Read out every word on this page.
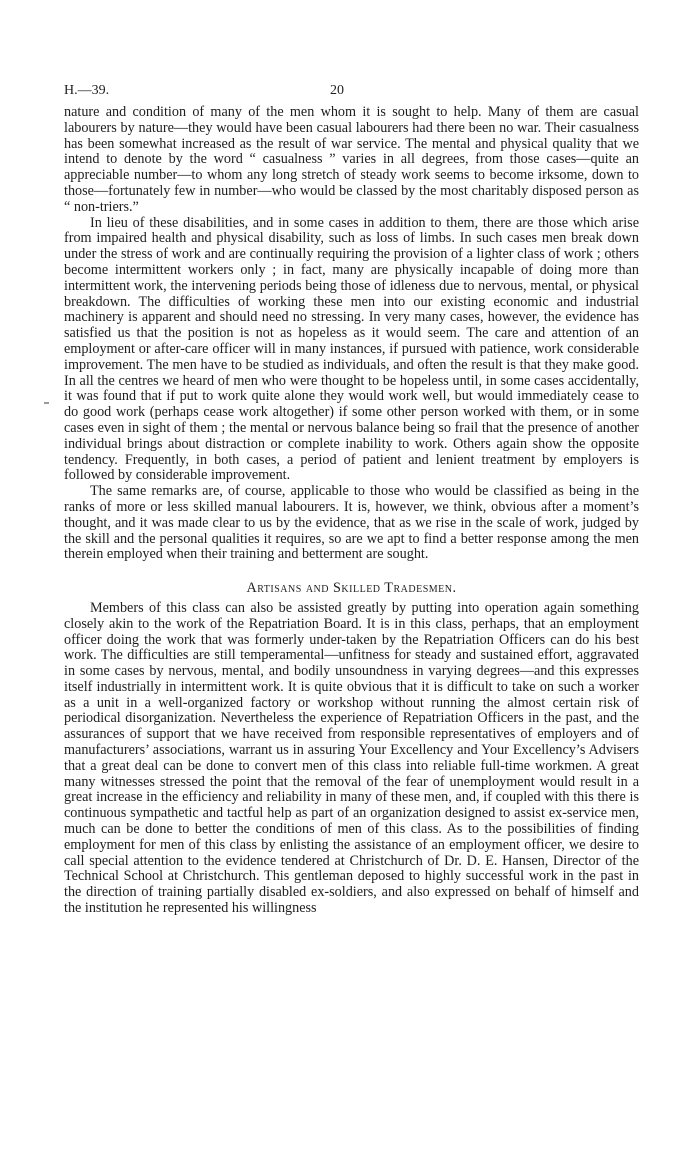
H.—39.	20

nature and condition of many of the men whom it is sought to help. Many of them are casual labourers by nature—they would have been casual labourers had there been no war. Their casualness has been somewhat increased as the result of war service. The mental and physical quality that we intend to denote by the word “ casualness ” varies in all degrees, from those cases—quite an appreciable number—to whom any long stretch of steady work seems to become irksome, down to those—fortunately few in number—who would be classed by the most charitably disposed person as “ non-triers.”

In lieu of these disabilities, and in some cases in addition to them, there are those which arise from impaired health and physical disability, such as loss of limbs. In such cases men break down under the stress of work and are continually requiring the provision of a lighter class of work ; others become intermittent workers only ; in fact, many are physically incapable of doing more than intermittent work, the intervening periods being those of idleness due to nervous, mental, or physical breakdown. The difficulties of working these men into our existing economic and industrial machinery is apparent and should need no stressing. In very many cases, however, the evidence has satisfied us that the position is not as hopeless as it would seem. The care and attention of an employment or after-care officer will in many instances, if pursued with patience, work considerable improvement. The men have to be studied as individuals, and often the result is that they make good. In all the centres we heard of men who were thought to be hopeless until, in some cases accidentally, it was found that if put to work quite alone they would work well, but would immediately cease to do good work (perhaps cease work altogether) if some other person worked with them, or in some cases even in sight of them ; the mental or nervous balance being so frail that the presence of another individual brings about distraction or complete inability to work. Others again show the opposite tendency. Frequently, in both cases, a period of patient and lenient treatment by employers is followed by considerable improvement.

The same remarks are, of course, applicable to those who would be classified as being in the ranks of more or less skilled manual labourers. It is, however, we think, obvious after a moment’s thought, and it was made clear to us by the evidence, that as we rise in the scale of work, judged by the skill and the personal qualities it requires, so are we apt to find a better response among the men therein employed when their training and betterment are sought.

Artisans and Skilled Tradesmen.

Members of this class can also be assisted greatly by putting into operation again something closely akin to the work of the Repatriation Board. It is in this class, perhaps, that an employment officer doing the work that was formerly under-taken by the Repatriation Officers can do his best work. The difficulties are still temperamental—unfitness for steady and sustained effort, aggravated in some cases by nervous, mental, and bodily unsoundness in varying degrees—and this expresses itself industrially in intermittent work. It is quite obvious that it is difficult to take on such a worker as a unit in a well-organized factory or workshop without running the almost certain risk of periodical disorganization. Nevertheless the experience of Repatriation Officers in the past, and the assurances of support that we have received from responsible representatives of employers and of manufacturers’ associations, warrant us in assuring Your Excellency and Your Excellency’s Advisers that a great deal can be done to convert men of this class into reliable full-time workmen. A great many witnesses stressed the point that the removal of the fear of unemployment would result in a great increase in the efficiency and reliability in many of these men, and, if coupled with this there is continuous sympathetic and tactful help as part of an organization designed to assist ex-service men, much can be done to better the conditions of men of this class. As to the possibilities of finding employment for men of this class by enlisting the assistance of an employment officer, we desire to call special attention to the evidence tendered at Christchurch of Dr. D. E. Hansen, Director of the Technical School at Christchurch. This gentleman deposed to highly successful work in the past in the direction of training partially disabled ex-soldiers, and also expressed on behalf of himself and the institution he represented his willingness
